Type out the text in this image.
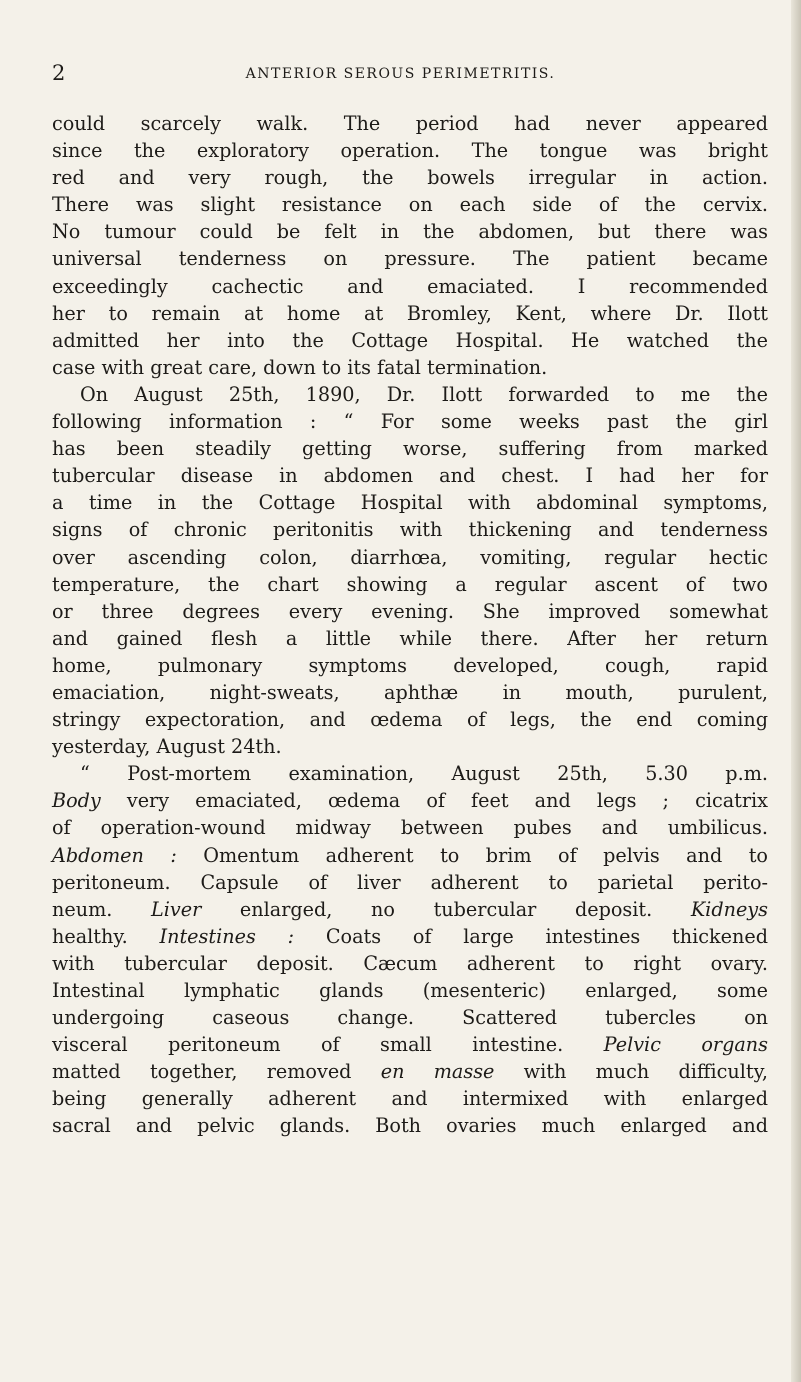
2	ANTERIOR SEROUS PERIMETRITIS.
could scarcely walk. The period had never appeared
since the exploratory operation. The tongue was bright
red and very rough, the bowels irregular in action.
There was slight resistance on each side of the cervix.
No tumour could be felt in the abdomen, but there was
universal tenderness on pressure. The patient became
exceedingly cachectic and emaciated. I recommended
her to remain at home at Bromley, Kent, where Dr. Ilott
admitted her into the Cottage Hospital. He watched the
case with great care, down to its fatal termination.
On August 25th, 1890, Dr. Ilott forwarded to me the
following information : “ For some weeks past the girl
has been steadily getting worse, suffering from marked
tubercular disease in abdomen and chest. I had her for
a time in the Cottage Hospital with abdominal symptoms,
signs of chronic peritonitis with thickening and tenderness
over ascending colon, diarrhœa, vomiting, regular hectic
temperature, the chart showing a regular ascent of two
or three degrees every evening. She improved somewhat
and gained flesh a little while there. After her return
home, pulmonary symptoms developed, cough, rapid
emaciation, night-sweats, aphthæ in mouth, purulent,
stringy expectoration, and œdema of legs, the end coming
yesterday, August 24th.
“ Post-mortem examination, August 25th, 5.30 p.m.
Body very emaciated, œdema of feet and legs ; cicatrix
of operation-wound midway between pubes and umbilicus.
Abdomen : Omentum adherent to brim of pelvis and to
peritoneum. Capsule of liver adherent to parietal perito-
neum. Liver enlarged, no tubercular deposit. Kidneys
healthy. Intestines : Coats of large intestines thickened
with tubercular deposit. Cæcum adherent to right ovary.
Intestinal lymphatic glands (mesenteric) enlarged, some
undergoing caseous change. Scattered tubercles on
visceral peritoneum of small intestine. Pelvic organs
matted together, removed en masse with much difficulty,
being generally adherent and intermixed with enlarged
sacral and pelvic glands. Both ovaries much enlarged and
